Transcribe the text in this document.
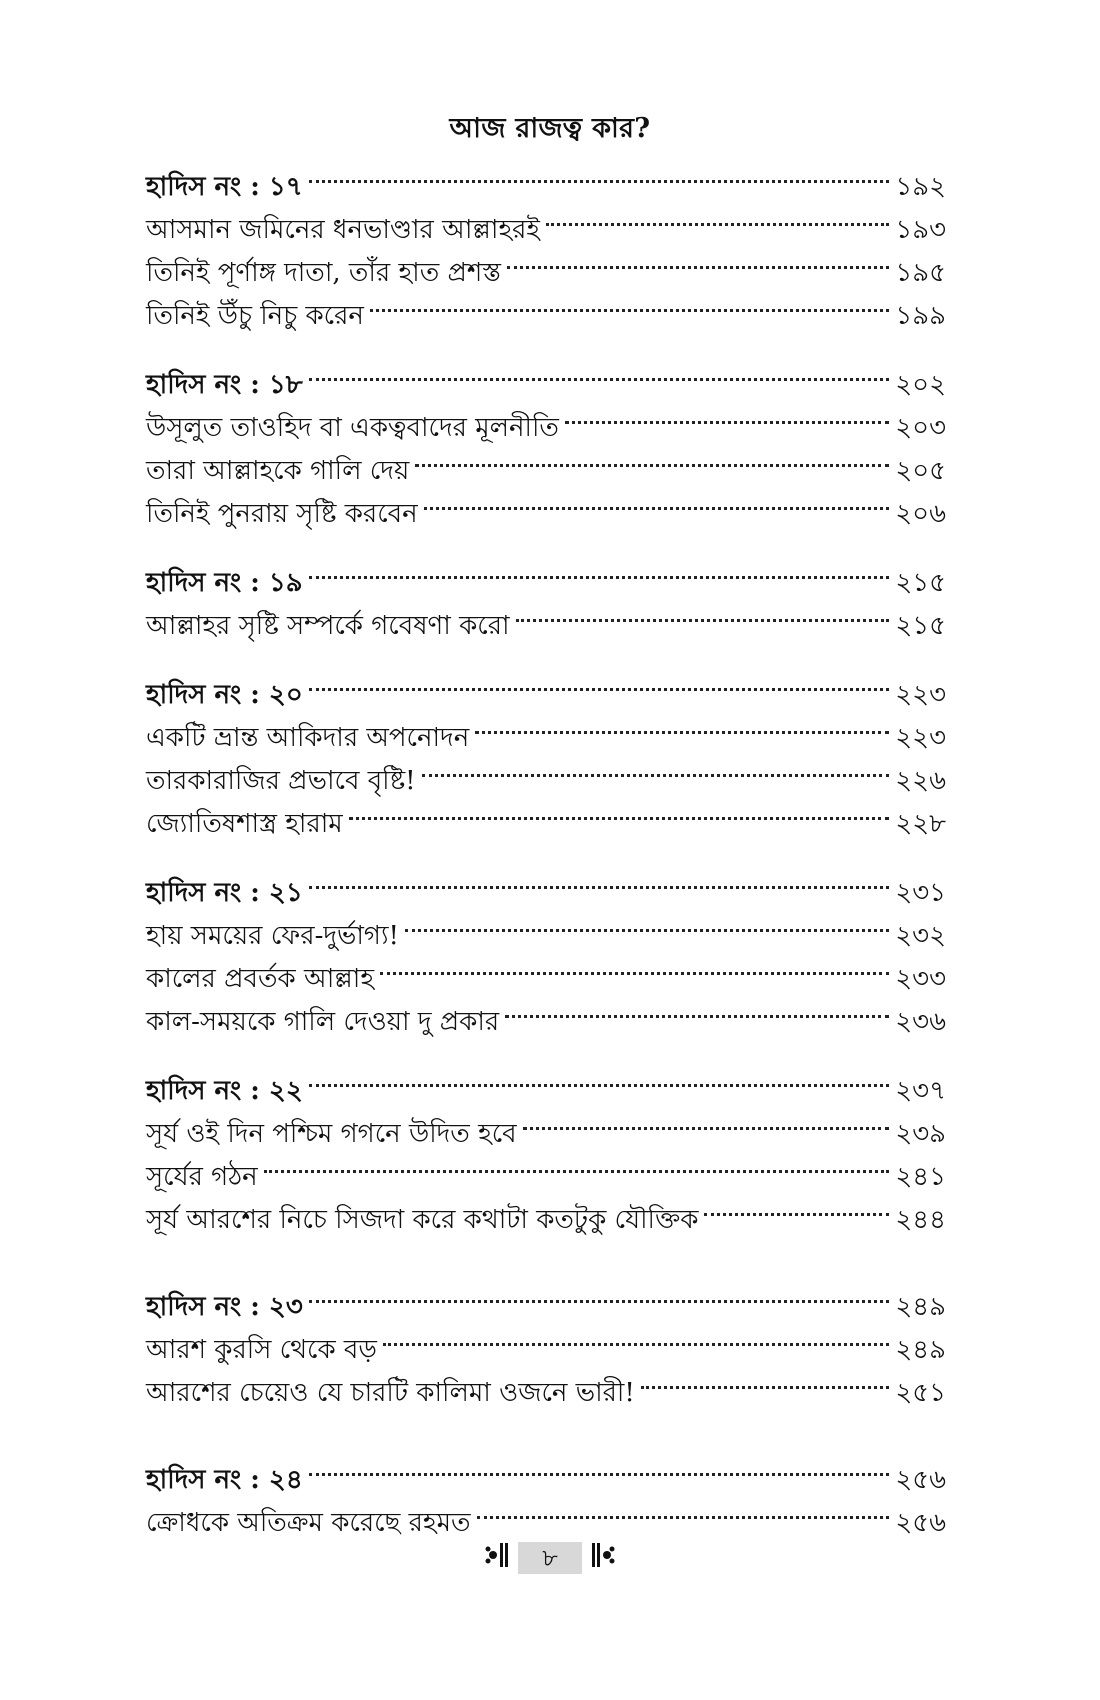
আজ রাজত্ব কার?
হাদিস নং : ১৭	১৯২
আসমান জমিনের ধনভাণ্ডার আল্লাহরই	১৯৩
তিনিই পূর্ণাঙ্গ দাতা, তাঁর হাত প্রশস্ত	১৯৫
তিনিই উঁচু নিচু করেন	১৯৯
হাদিস নং : ১৮	২০২
উসূলুত তাওহিদ বা একত্ববাদের মূলনীতি	২০৩
তারা আল্লাহকে গালি দেয়	২০৫
তিনিই পুনরায় সৃষ্টি করবেন	২০৬
হাদিস নং : ১৯	২১৫
আল্লাহর সৃষ্টি সম্পর্কে গবেষণা করো	২১৫
হাদিস নং : ২০	২২৩
একটি ভ্রান্ত আকিদার অপনোদন	২২৩
তারকারাজির প্রভাবে বৃষ্টি!	২২৬
জ্যোতিষশাস্ত্র হারাম	২২৮
হাদিস নং : ২১	২৩১
হায় সময়ের ফের-দুর্ভাগ্য!	২৩২
কালের প্রবর্তক আল্লাহ	২৩৩
কাল-সময়কে গালি দেওয়া দু প্রকার	২৩৬
হাদিস নং : ২২	২৩৭
সূর্য ওই দিন পশ্চিম গগনে উদিত হবে	২৩৯
সূর্যের গঠন	২৪১
সূর্য আরশের নিচে সিজদা করে কথাটা কতটুকু যৌক্তিক	২৪৪
হাদিস নং : ২৩	২৪৯
আরশ কুরসি থেকে বড়	২৪৯
আরশের চেয়েও যে চারটি কালিমা ওজনে ভারী!	২৫১
হাদিস নং : ২৪	২৫৬
ক্রোধকে অতিক্রম করেছে রহমত	২৫৬
৮
